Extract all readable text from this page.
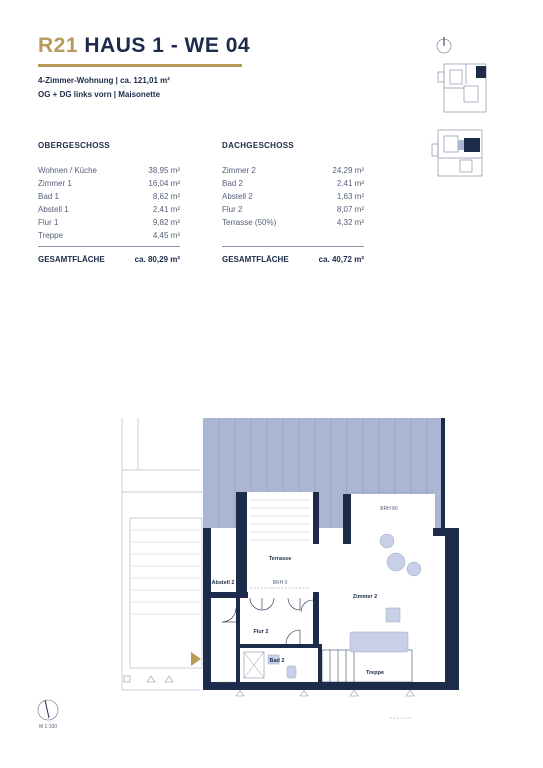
R21 HAUS 1 - WE 04
4-Zimmer-Wohnung | ca. 121,01 m²
OG + DG links vorn | Maisonette
OBERGESCHOSS
Wohnen / Küche	38,95 m²
Zimmer 1	16,04 m²
Bad 1	8,62 m²
Abstell 1	2,41 m²
Flur 1	9,82 m²
Treppe	4,45 m²
GESAMTFLÄCHE	ca. 80,29 m²
DACHGESCHOSS
Zimmer 2	24,29 m²
Bad 2	2,41 m²
Abstell 2	1,63 m²
Flur 2	8,07 m²
Terrasse (50%)	4,32 m²
GESAMTFLÄCHE	ca. 40,72 m²
Terrasse
BRH 0
BRH 80
Abstell 2
Zimmer 2
Flur 2
Bad 2
Treppe
M 1:100
